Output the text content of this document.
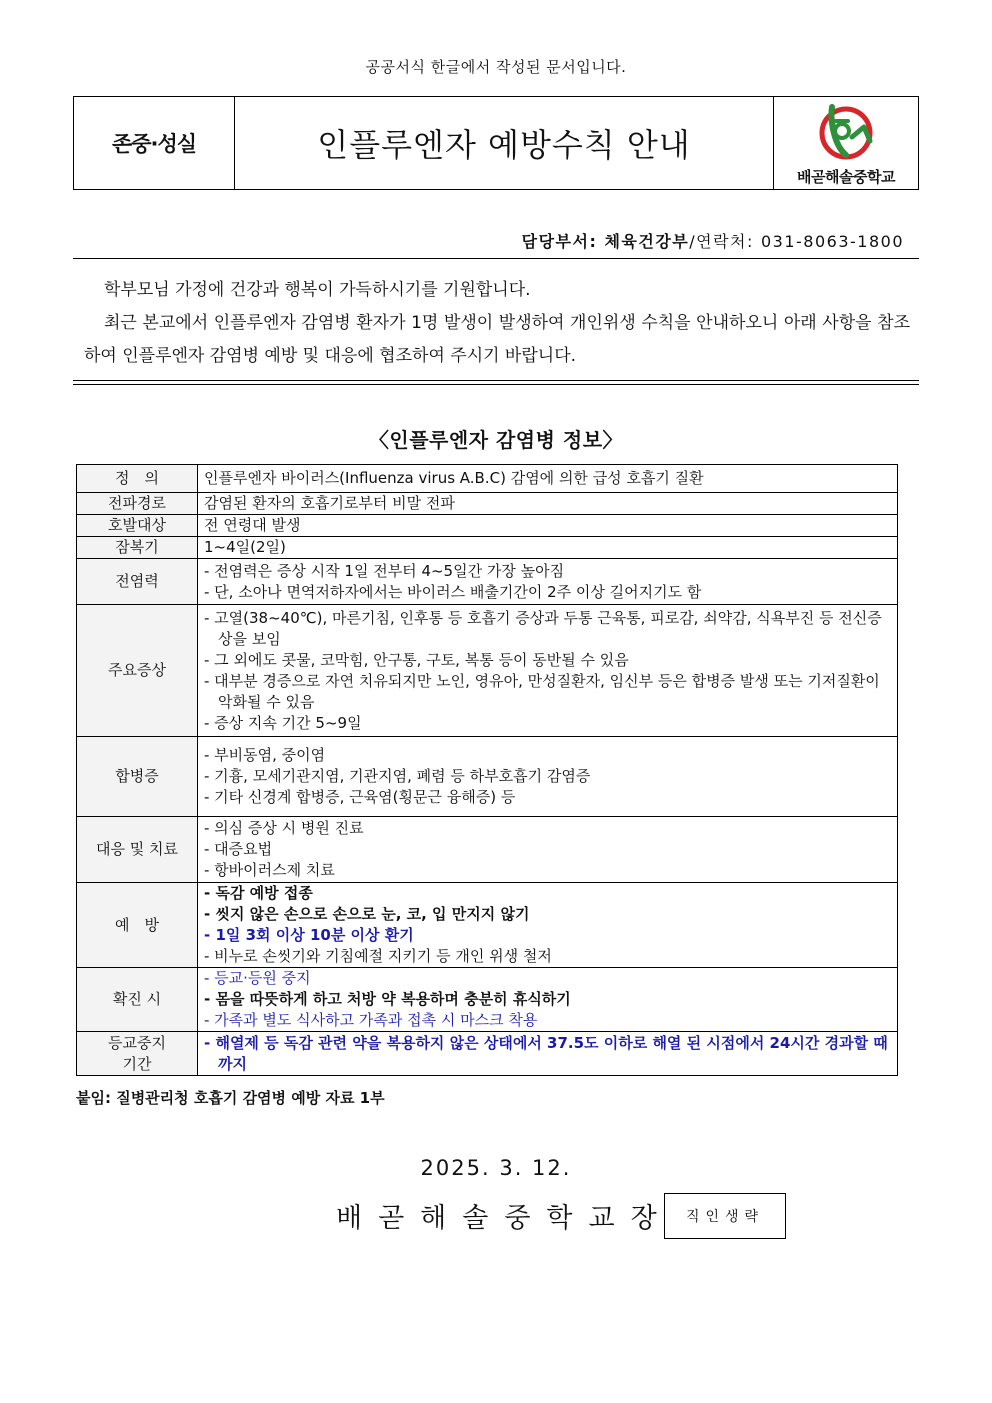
공공서식 한글에서 작성된 문서입니다.
존중·성실	인플루엔자 예방수칙 안내
배곧해솔중학교
담당부서: 체육건강부/연락처: 031-8063-1800

학부모님 가정에 건강과 행복이 가득하시기를 기원합니다.

최근 본교에서 인플루엔자 감염병 환자가 1명 발생이 발생하여 개인위생 수칙을 안내하오니 아래 사항을 참조하여 인플루엔자 감염병 예방 및 대응에 협조하여 주시기 바랍니다.

〈인플루엔자 감염병 정보〉
정　의	인플루엔자 바이러스(Influenza virus A.B.C) 감염에 의한 급성 호흡기 질환
전파경로	감염된 환자의 호흡기로부터 비말 전파
호발대상	전 연령대 발생
잠복기	1~4일(2일)
전염력	- 전염력은 증상 시작 1일 전부터 4~5일간 가장 높아짐
- 단, 소아나 면역저하자에서는 바이러스 배출기간이 2주 이상 길어지기도 함

주요증상	- 고열(38~40℃), 마른기침, 인후통 등 호흡기 증상과 두통 근육통, 피로감, 쇠약감, 식욕부진 등 전신증상을 보임
- 그 외에도 콧물, 코막힘, 안구통, 구토, 복통 등이 동반될 수 있음
- 대부분 경증으로 자연 치유되지만 노인, 영유아, 만성질환자, 임신부 등은 합병증 발생 또는 기저질환이 악화될 수 있음
- 증상 지속 기간 5~9일

합병증	- 부비동염, 중이염
- 기흉, 모세기관지염, 기관지염, 폐렴 등 하부호흡기 감염증
- 기타 신경계 합병증, 근육염(횡문근 융해증) 등

대응 및 치료	- 의심 증상 시 병원 진료
- 대증요법
- 항바이러스제 치료

예　방	- 독감 예방 접종
- 씻지 않은 손으로 손으로 눈, 코, 입 만지지 않기
- 1일 3회 이상 10분 이상 환기
- 비누로 손씻기와 기침예절 지키기 등 개인 위생 철저

확진 시	- 등교·등원 중지
- 몸을 따뜻하게 하고 처방 약 복용하며 충분히 휴식하기
- 가족과 별도 식사하고 가족과 접촉 시 마스크 착용

등교중지
기간	- 해열제 등 독감 관련 약을 복용하지 않은 상태에서 37.5도 이하로 해열 된 시점에서 24시간 경과할 때까지
붙임: 질병관리청 호흡기 감염병 예방 자료 1부
2025. 3. 12.
배곧해솔중학교장 직인생략
